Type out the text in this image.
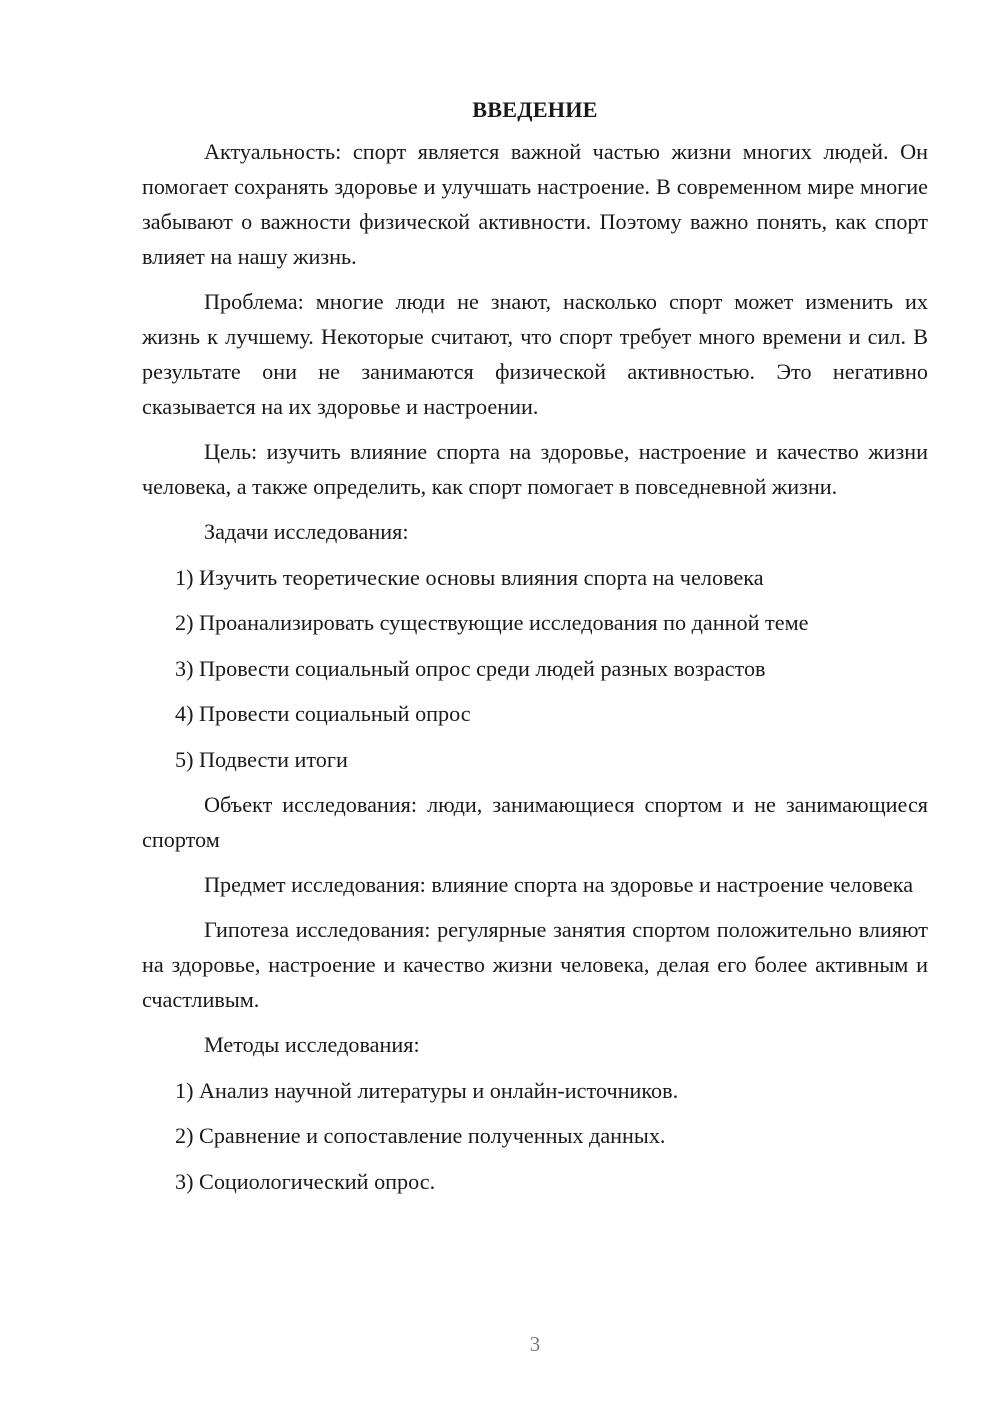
ВВЕДЕНИЕ

Актуальность: спорт является важной частью жизни многих людей. Он помогает сохранять здоровье и улучшать настроение. В современном мире многие забывают о важности физической активности. Поэтому важно понять, как спорт влияет на нашу жизнь.

Проблема: многие люди не знают, насколько спорт может изменить их жизнь к лучшему. Некоторые считают, что спорт требует много времени и сил. В результате они не занимаются физической активностью. Это негативно сказывается на их здоровье и настроении.

Цель: изучить влияние спорта на здоровье, настроение и качество жизни человека, а также определить, как спорт помогает в повседневной жизни.

Задачи исследования:
1) Изучить теоретические основы влияния спорта на человека
2) Проанализировать существующие исследования по данной теме
3) Провести социальный опрос среди людей разных возрастов
4) Провести социальный опрос
5) Подвести итоги

Объект исследования: люди, занимающиеся спортом и не занимающиеся спортом

Предмет исследования: влияние спорта на здоровье и настроение человека

Гипотеза исследования: регулярные занятия спортом положительно влияют на здоровье, настроение и качество жизни человека, делая его более активным и счастливым.

Методы исследования:
1) Анализ научной литературы и онлайн-источников.
2) Сравнение и сопоставление полученных данных.
3) Социологический опрос.
3
